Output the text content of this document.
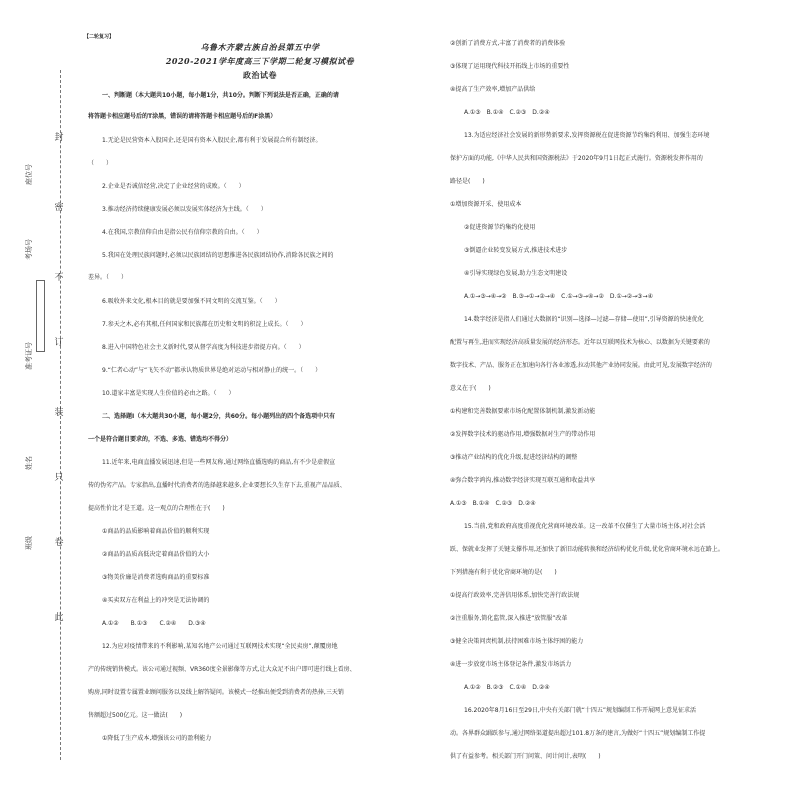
封
密
不
订
装
只
卷
此
座位号
考场号
准考证号
姓名
班级
【二轮复习】
乌鲁木齐蒙古族自治县第五中学
2020-2021学年度高三下学期二轮复习模拟试卷
政治试卷
一、判断题（本大题共10小题，每小题1分，共10分。判断下列说法是否正确，正确的请
将答题卡相应题号后的T涂黑，错误的请将答题卡相应题号后的F涂黑）
1.无论是民营资本入股国企,还是国有资本入股民企,都有利于发展混合所有制经济。
（　　）
2.企业是否诚信经营,决定了企业经营的成败。（　　）
3.推动经济持续健康发展必须以发展实体经济为主线。（　　）
4.在我国,宗教信仰自由是指公民有信仰宗教的自由。（　　）
5.我国在处理民族问题时,必须以民族团结的思想推进各民族团结协作,消除各民族之间的
差异。（　　）
6.吸收外来文化,根本目的就是要加强不同文明的交流互鉴。（　　）
7.参天之木,必有其根,任何国家和民族都在历史和文明的积淀上成长。（　　）
8.进入中国特色社会主义新时代,要从督学高度为科技进步指提方向。（　　）
9.“仁者心动”与“飞矢不动”都承认物质世界是绝对运动与相对静止的统一。（　　）
10.道家丰富是实现人生价值的必由之路。（　　）
二、选择题Ⅰ（本大题共30小题，每小题2分，共60分。每小题列出的四个备选项中只有
一个是符合题目要求的，不选、多选、错选均不得分）
11.近年来,电商直播发展迅速,但是一些网友称,通过网络直播选购的商品,有不少是虚假宣
传的伪劣产品。专家指出,直播时代消费者的选择越来越多,企业要想长久生存下去,重视产品品质、
提高性价比才是王道。这一观点的合理性在于(　　)
①商品的品质影响着商品价值的顺利实现
②商品的品质高低决定着商品价值的大小
③物美价廉是消费者选购商品的重要标准
④买卖双方在利益上的冲突是无法协调的
A.①②　　B.①③　　C.②④　　D.③④
12.为应对疫情带来的不利影响,某知名地产公司通过互联网技术实现“全民卖房”,颠覆房地
产的传统销售模式。该公司通过视频、VR360度全景影像等方式,让大众足不出户即可进行线上看房、
购房,同时设置专属置业顾问服务以及线上解答疑问。该模式一经推出便受到消费者的热捧,三天销
售额超过500亿元。这一做法(　　)
①降低了生产成本,增强该公司的盈利能力
②创新了消费方式,丰富了消费者的消费体验
③体现了运用现代科技开拓线上市场的重要性
④提高了生产效率,增加产品供给
A.①③　B.①④　C.②③　D.②④
13.为适应经济社会发展的新形势新要求,发挥资源税在促进资源节约集约利用、加强生态环境
保护方面的功能,《中华人民共和国资源税法》于2020年9月1日起正式施行。资源税发挥作用的
路径是(　　)
①增加资源开采、使用成本
②促进资源节约集约化使用
③倒逼企业转变发展方式,推进技术进步
④引导实现绿色发展,助力生态文明建设
A.①→③→④→②　B.③→①→②→④　C.①→③→④→②　D.①→②→③→④
14.数字经济是指人们通过大数据的“识别—选择—过滤—存储—使用”,引导资源的快速优化
配置与再生,进而实现经济高质量发展的经济形态。近年以互联网技术为核心、以数据为关键要素的
数字技术、产品、服务正在加速向各行各业渗透,拉动其他产业协同发展。由此可见,发展数字经济的
意义在于(　　)
①构建和完善数据要素市场化配置体制机制,激发新动能
②发挥数字技术的驱动作用,增强数据对生产的带动作用
③推动产业结构的优化升级,促进经济结构的调整
④弥合数字鸿沟,推动数字经济实现互联互通和收益共享
A.①③　B.①④　C.②③　D.②④
15.当前,党和政府高度重视优化营商环境改革。这一改革不仅催生了大量市场主体,对社会活
跃、保就业发挥了关键支撑作用,还加快了新旧动能转换和经济结构优化升级,优化营商环境永远在路上。
下列措施有利于优化营商环境的是(　　)
①提高行政效率,完善信用体系,加快完善行政法规
②注重服务,简化监管,深入推进“放管服”改革
③健全决策问责机制,扶持困难市场主体纾困的能力
④进一步放宽市场主体登记条件,激发市场活力
A.①②　B.②③　C.①④　D.②④
16.2020年8月16日至29日,中央有关部门就“十四五”规划编制工作开展网上意见征求活
动。各界群众踊跃参与,通过网络渠道提出超过101.8万条的建言,为做好“十四五”规划编制工作提
供了有益参考。相关部门开门问策、问计问计,表明(　　)
